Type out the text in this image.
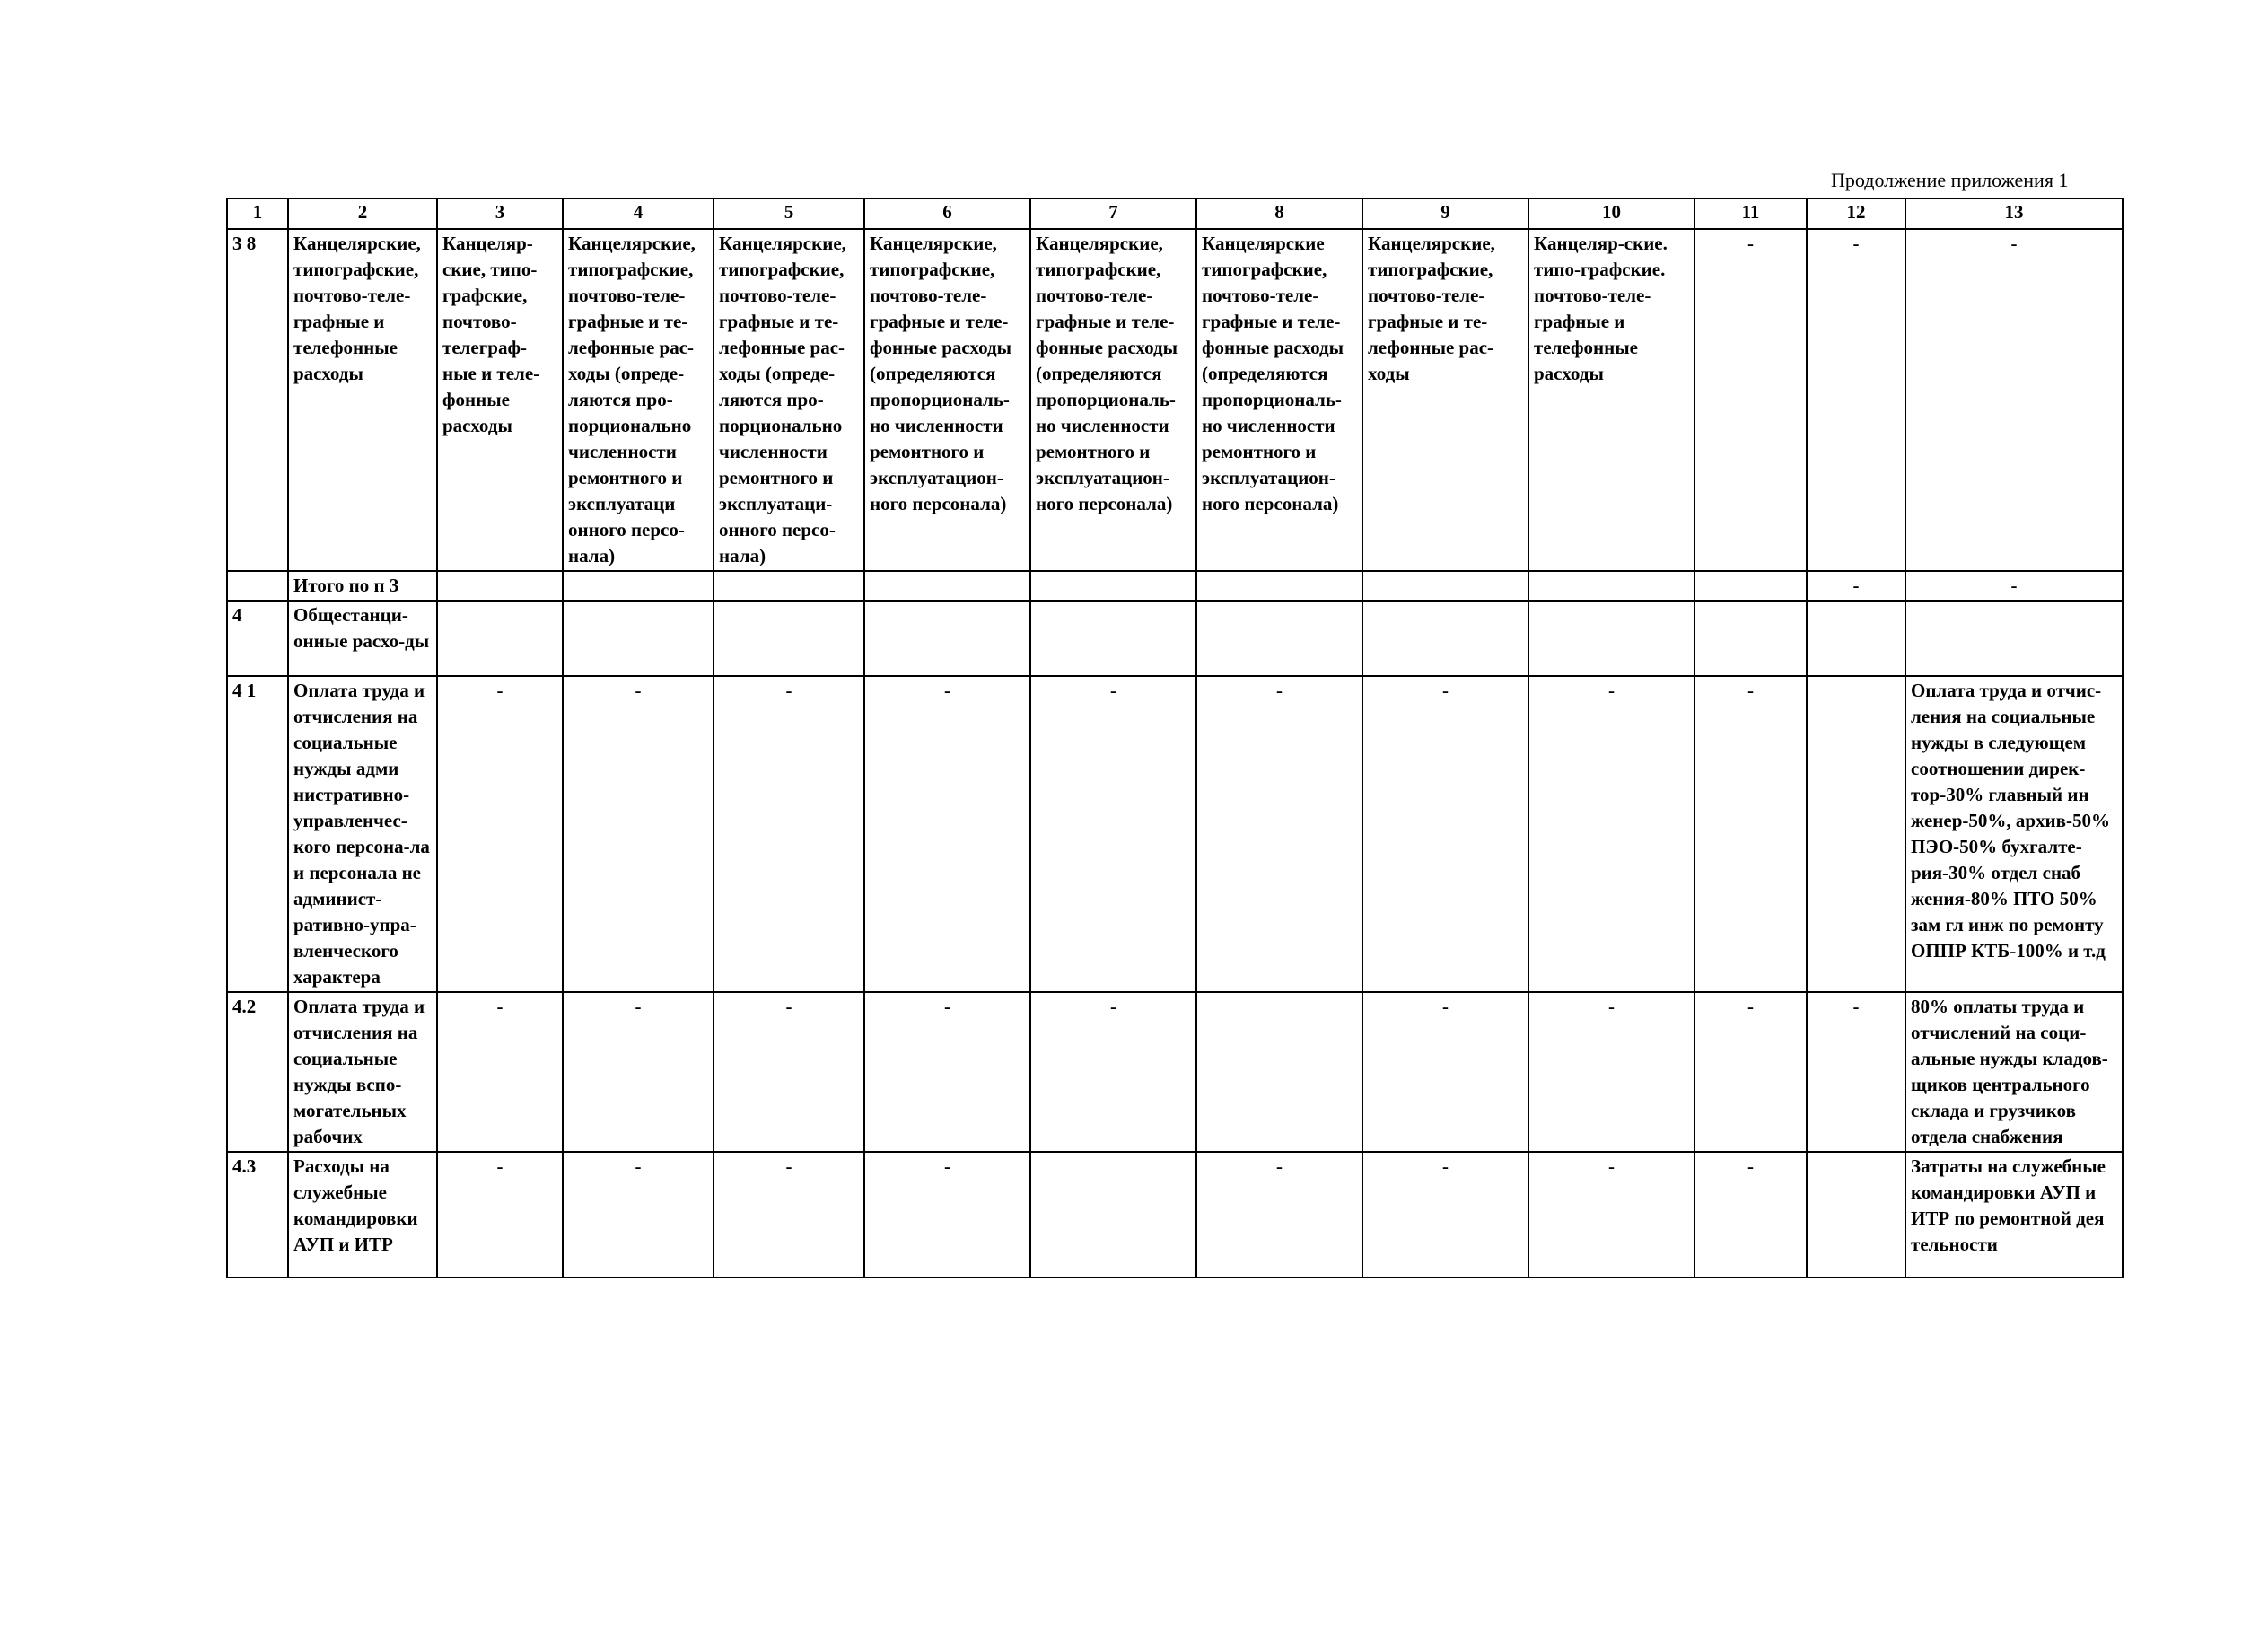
Продолжение приложения 1
1	2	3	4	5	6	7	8	9	10	11	12	13
3 8	Канцелярские, типографские, почтово-теле-графные и телефонные расходы	Канцеляр-ские, типо-графские, почтово-телеграф-ные и теле-фонные расходы	Канцелярские, типографские, почтово-теле-графные и те-лефонные рас-ходы (опреде-ляются про-порционально численности ремонтного и эксплуатаци онного персо-нала)	Канцелярские, типографские, почтово-теле-графные и те-лефонные рас-ходы (опреде-ляются про-порционально численности ремонтного и эксплуатаци-онного персо-нала)	Канцелярские, типографские, почтово-теле-графные и теле-фонные расходы (определяются пропорциональ-но численности ремонтного и эксплуатацион-ного персонала)	Канцелярские, типографские, почтово-теле-графные и теле-фонные расходы (определяются пропорциональ-но численности ремонтного и эксплуатацион-ного персонала)	Канцелярские типографские, почтово-теле-графные и теле-фонные расходы (определяются пропорциональ-но численности ремонтного и эксплуатацион-ного персонала)	Канцелярские, типографские, почтово-теле-графные и те-лефонные рас-ходы	Канцеляр-ские. типо-графские. почтово-теле-графные и телефонные расходы	-	-	-
	Итого по п 3										-	-
4	Общестанци-онные расхо-ды											
4 1	Оплата труда и отчисления на социальные нужды адми нистративно-управленчес-кого персона-ла и персонала не админист-ративно-упра-вленческого характера	-	-	-	-	-	-	-	-	-		Оплата труда и отчис-ления на социальные нужды в следующем соотношении дирек-тор-30% главный ин женер-50%, архив-50% ПЭО-50% бухгалте-рия-30% отдел снаб жения-80% ПТО 50% зам гл инж по ремонту ОППР КТБ-100% и т.д
4.2	Оплата труда и отчисления на социальные нужды вспо-могательных рабочих	-	-	-	-	-		-	-	-	-	80% оплаты труда и отчислений на соци-альные нужды кладов-щиков центрального склада и грузчиков отдела снабжения
4.3	Расходы на служебные командировки АУП и ИТР	-	-	-	-		-	-	-	-		Затраты на служебные командировки АУП и ИТР по ремонтной дея тельности
